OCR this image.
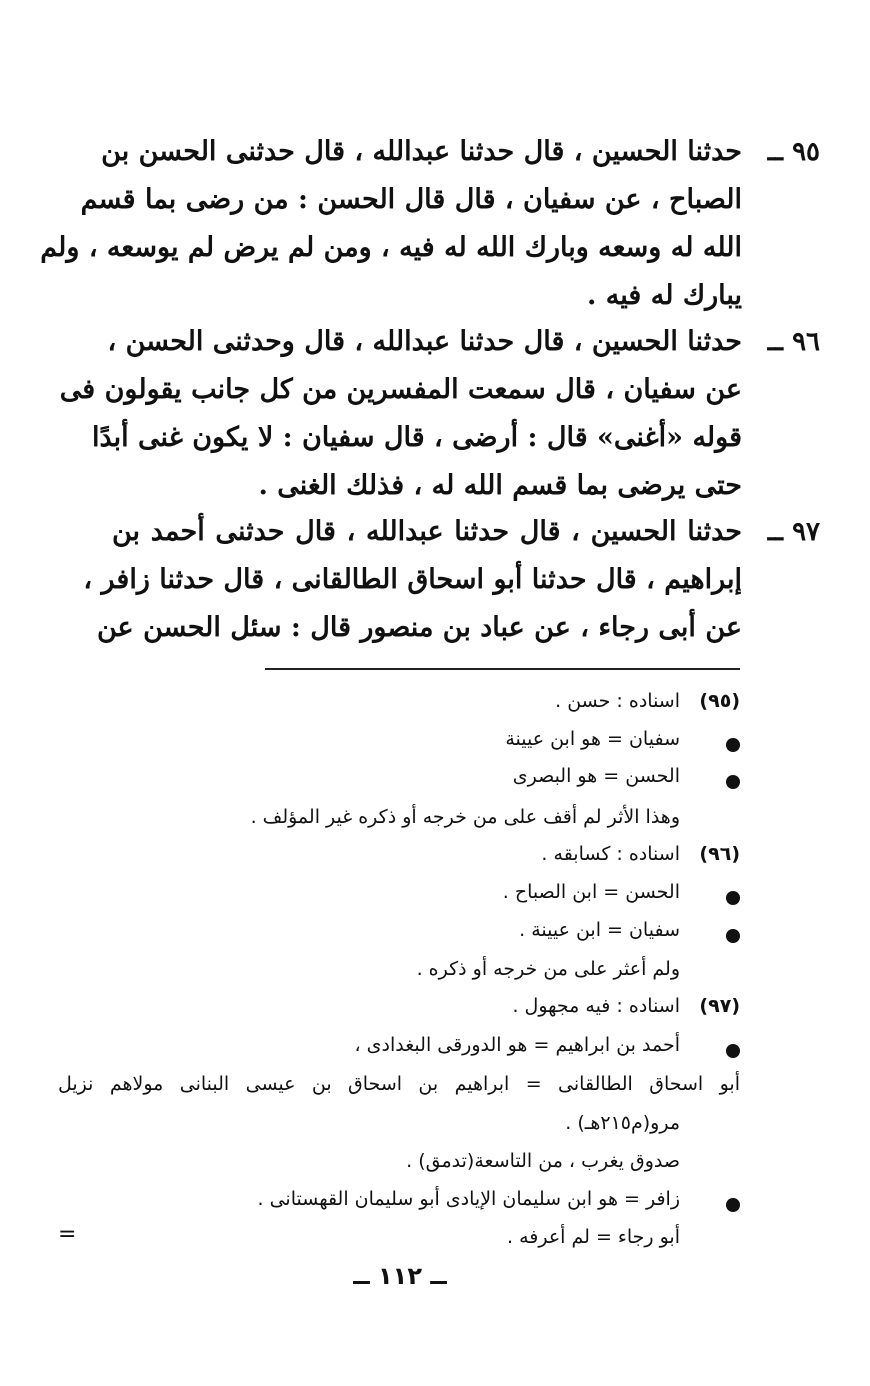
٩٥ ــ
حدثنا الحسين ، قال حدثنا عبدالله ، قال حدثنى الحسن بن
الصباح ، عن سفيان ، قال قال الحسن : من رضى بما قسم
الله له وسعه وبارك الله له فيه ، ومن لم يرض لم يوسعه ، ولم
يبارك له فيه .
٩٦ ــ
حدثنا الحسين ، قال حدثنا عبدالله ، قال وحدثنى الحسن ،
عن سفيان ، قال سمعت المفسرين من كل جانب يقولون فى
قوله «أغنى» قال : أرضى ، قال سفيان : لا يكون غنى أبدًا
حتى يرضى بما قسم الله له ، فذلك الغنى .
٩٧ ــ
حدثنا الحسين ، قال حدثنا عبدالله ، قال حدثنى أحمد بن
إبراهيم ، قال حدثنا أبو اسحاق الطالقانى ، قال حدثنا زافر ،
عن أبى رجاء ، عن عباد بن منصور قال : سئل الحسن عن
(٩٥)
اسناده : حسن .
سفيان = هو ابن عيينة
الحسن = هو البصرى
وهذا الأثر لم أقف على من خرجه أو ذكره غير المؤلف .
(٩٦)
اسناده : كسابقه .
الحسن = ابن الصباح .
سفيان = ابن عيينة .
ولم أعثر على من خرجه أو ذكره .
(٩٧)
اسناده : فيه مجهول .
أحمد بن ابراهيم = هو الدورقى البغدادى ،
أبو اسحاق الطالقانى = ابراهيم بن اسحاق بن عيسى البنانى مولاهم نزيل
مرو(م٢١٥هـ) .
صدوق يغرب ، من التاسعة(تدمق) .
زافر = هو ابن سليمان الإيادى أبو سليمان القهستانى .
أبو رجاء = لم أعرفه .
=
ــ ١١٢ ــ
